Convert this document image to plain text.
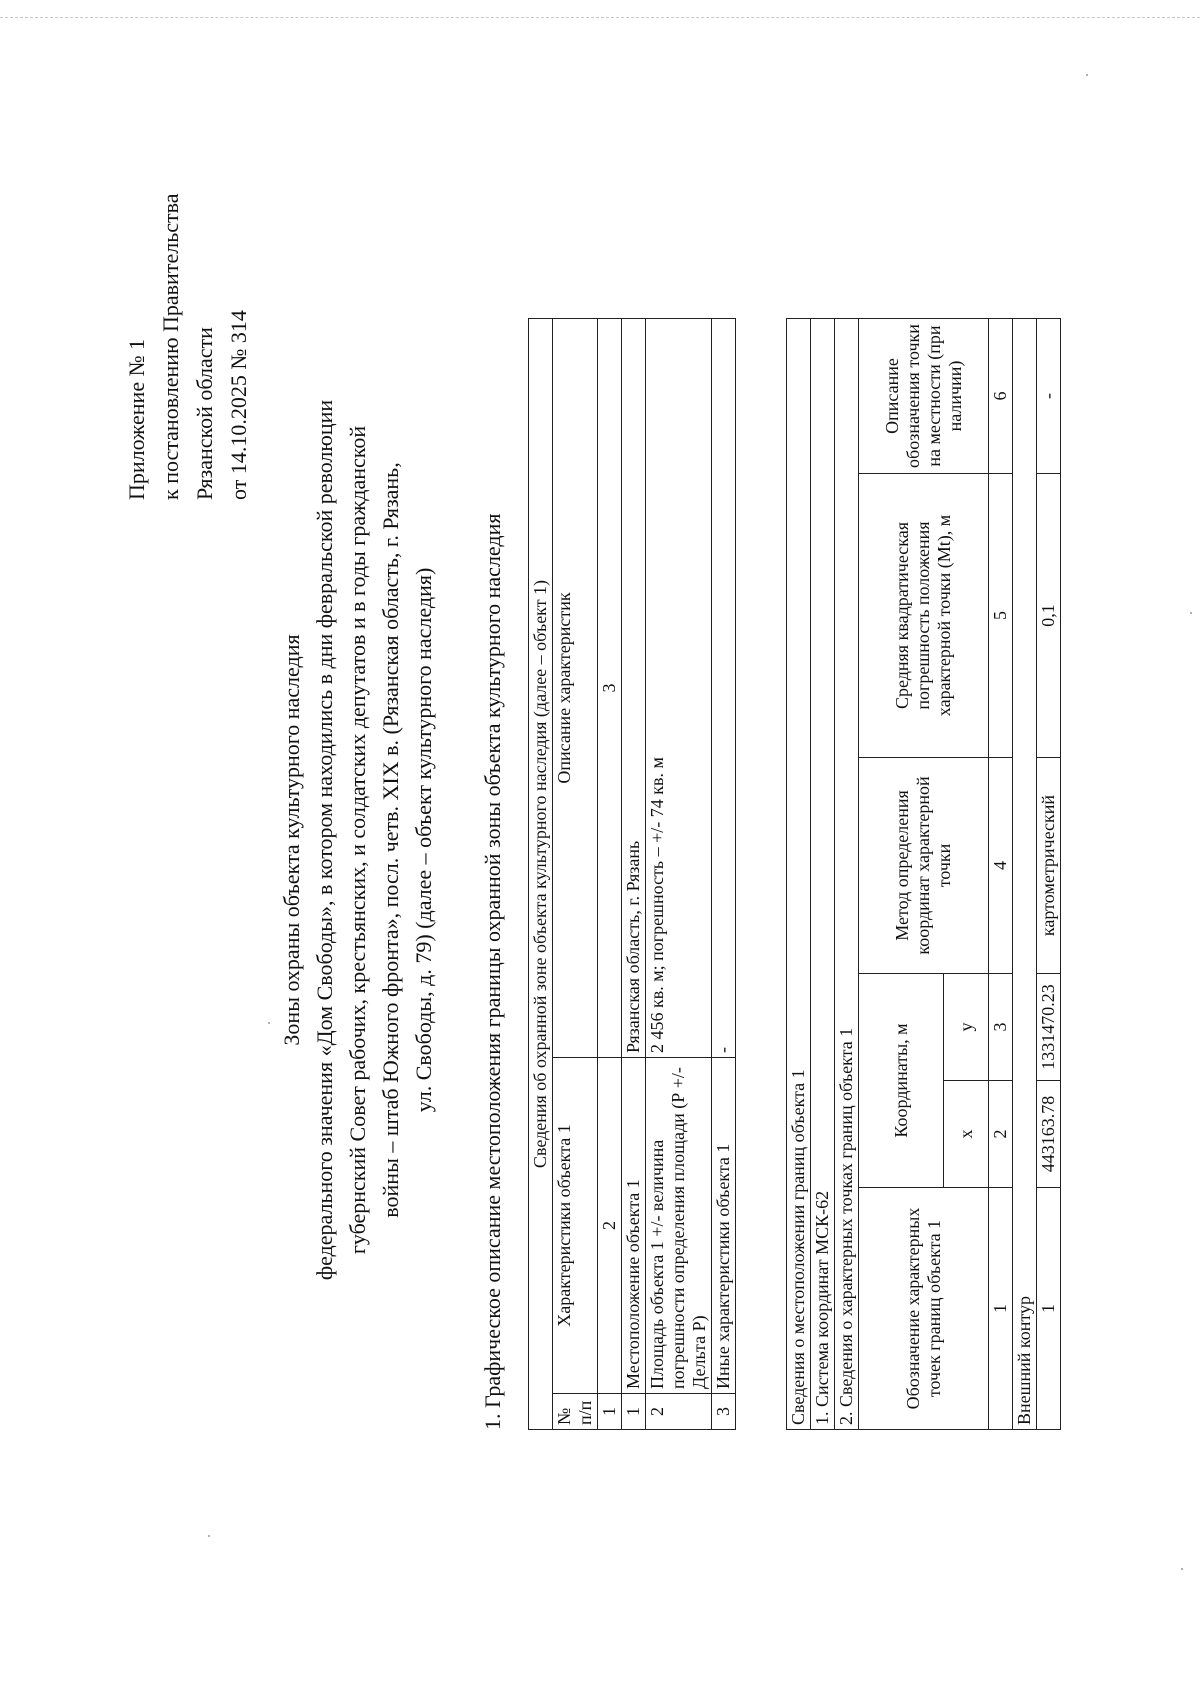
Приложение № 1 к постановлению Правительства Рязанской области от 14.10.2025 № 314
Зоны охраны объекта культурного наследия федерального значения «Дом Свободы», в котором находились в дни февральской революции губернский Совет рабочих, крестьянских, и солдатских депутатов и в годы гражданской войны – штаб Южного фронта», посл. четв. XIX в. (Рязанская область, г. Рязань, ул. Свободы, д. 79) (далее – объект культурного наследия) 1. Графическое описание местоположения границы охранной зоны объекта культурного наследия Сведения об охранной зоне объекта культурного наследия (далее – объект 1)		
№ п/п	Характеристики объекта 1	Описание характеристик
1	2	3
1	Местоположение объекта 1	Рязанская область, г. Рязань
2	Площадь объекта 1 +/- величина погрешности определения площади (Р +/- Дельта Р)	2 456 кв. м; погрешность – +/- 74 кв. м
3	Иные характеристики объекта 1	-
Сведения о местоположении границ объекта 1					
1. Система координат МСК-62					
2. Сведения о характерных точках границ объекта 1					
Обозначение характерных точек границ объекта 1	Координаты, м		Метод определения координат характерной точки	Средняя квадратическая погрешность положения характерной точки (Mt), м	Описание обозначения точки на местности (при наличии)
	x	y			
1	2	3	4	5	6
Внешний контур					
1	443163.78	1331470.23	картометрический	0,1	-
